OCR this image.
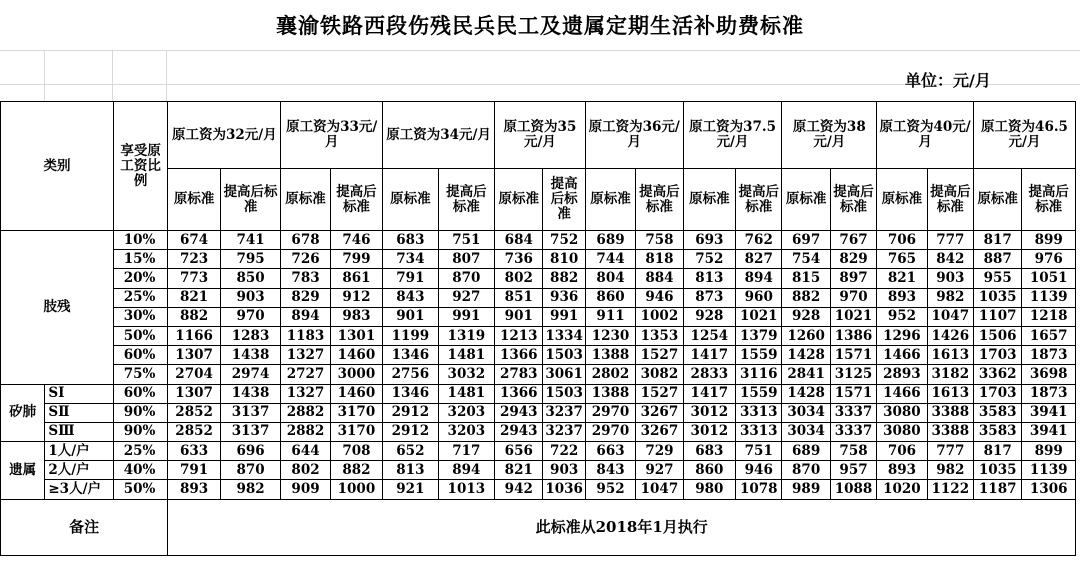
襄渝铁路西段伤残民兵民工及遗属定期生活补助费标准
单位：元/月
类别		享受原工资比例	原工资为32元/月		原工资为33元/月		原工资为34元/月		原工资为35元/月		原工资为36元/月		原工资为37.5元/月		原工资为38元/月		原工资为40元/月		原工资为46.5元/月	

			原标准	提高后标准	原标准	提高后标准	原标准	提高后标准	原标准	提高后标准	原标准	提高后标准	原标准	提高后标准	原标准	提高后标准	原标准	提高后标准	原标准	提高后标准

肢残		10%	674	741	678	746	683	751	684	752	689	758	693	762	697	767	706	777	817	899
		15%	723	795	726	799	734	807	736	810	744	818	752	827	754	829	765	842	887	976
		20%	773	850	783	861	791	870	802	882	804	884	813	894	815	897	821	903	955	1051
		25%	821	903	829	912	843	927	851	936	860	946	873	960	882	970	893	982	1035	1139
		30%	882	970	894	983	901	991	901	991	911	1002	928	1021	928	1021	952	1047	1107	1218
		50%	1166	1283	1183	1301	1199	1319	1213	1334	1230	1353	1254	1379	1260	1386	1296	1426	1506	1657
		60%	1307	1438	1327	1460	1346	1481	1366	1503	1388	1527	1417	1559	1428	1571	1466	1613	1703	1873
		75%	2704	2974	2727	3000	2756	3032	2783	3061	2802	3082	2833	3116	2841	3125	2893	3182	3362	3698
矽肺	SⅠ	60%	1307	1438	1327	1460	1346	1481	1366	1503	1388	1527	1417	1559	1428	1571	1466	1613	1703	1873
	SⅡ	90%	2852	3137	2882	3170	2912	3203	2943	3237	2970	3267	3012	3313	3034	3337	3080	3388	3583	3941
	SⅢ	90%	2852	3137	2882	3170	2912	3203	2943	3237	2970	3267	3012	3313	3034	3337	3080	3388	3583	3941
遗属	1人/户	25%	633	696	644	708	652	717	656	722	663	729	683	751	689	758	706	777	817	899
	2人/户	40%	791	870	802	882	813	894	821	903	843	927	860	946	870	957	893	982	1035	1139
	≥3人/户	50%	893	982	909	1000	921	1013	942	1036	952	1047	980	1078	989	1088	1020	1122	1187	1306
备注			此标准从2018年1月执行																	
